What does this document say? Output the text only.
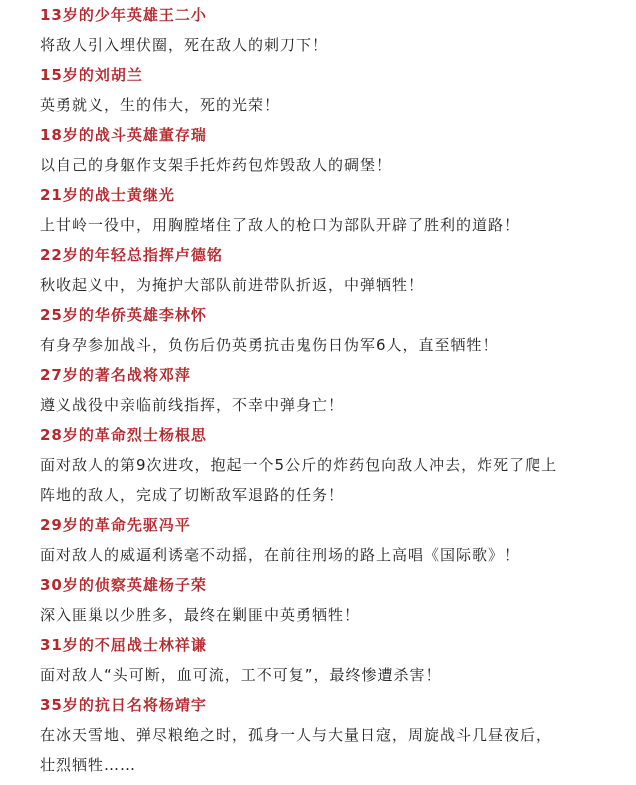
13岁的少年英雄王二小
将敌人引入埋伏圈，死在敌人的刺刀下！
15岁的刘胡兰
英勇就义，生的伟大，死的光荣！
18岁的战斗英雄董存瑞
以自己的身躯作支架手托炸药包炸毁敌人的碉堡！
21岁的战士黄继光
上甘岭一役中，用胸膛堵住了敌人的枪口为部队开辟了胜利的道路！
22岁的年轻总指挥卢德铭
秋收起义中，为掩护大部队前进带队折返，中弹牺牲！
25岁的华侨英雄李林怀
有身孕参加战斗，负伤后仍英勇抗击鬼伤日伪军6人，直至牺牲！
27岁的著名战将邓萍
遵义战役中亲临前线指挥，不幸中弹身亡！
28岁的革命烈士杨根思
面对敌人的第9次进攻，抱起一个5公斤的炸药包向敌人冲去，炸死了爬上
阵地的敌人，完成了切断敌军退路的任务！
29岁的革命先驱冯平
面对敌人的威逼利诱毫不动摇，在前往刑场的路上高唱《国际歌》！
30岁的侦察英雄杨子荣
深入匪巢以少胜多，最终在剿匪中英勇牺牲！
31岁的不屈战士林祥谦
面对敌人“头可断，血可流，工不可复”，最终惨遭杀害！
35岁的抗日名将杨靖宇
在冰天雪地、弹尽粮绝之时，孤身一人与大量日寇，周旋战斗几昼夜后，
壮烈牺牲……
